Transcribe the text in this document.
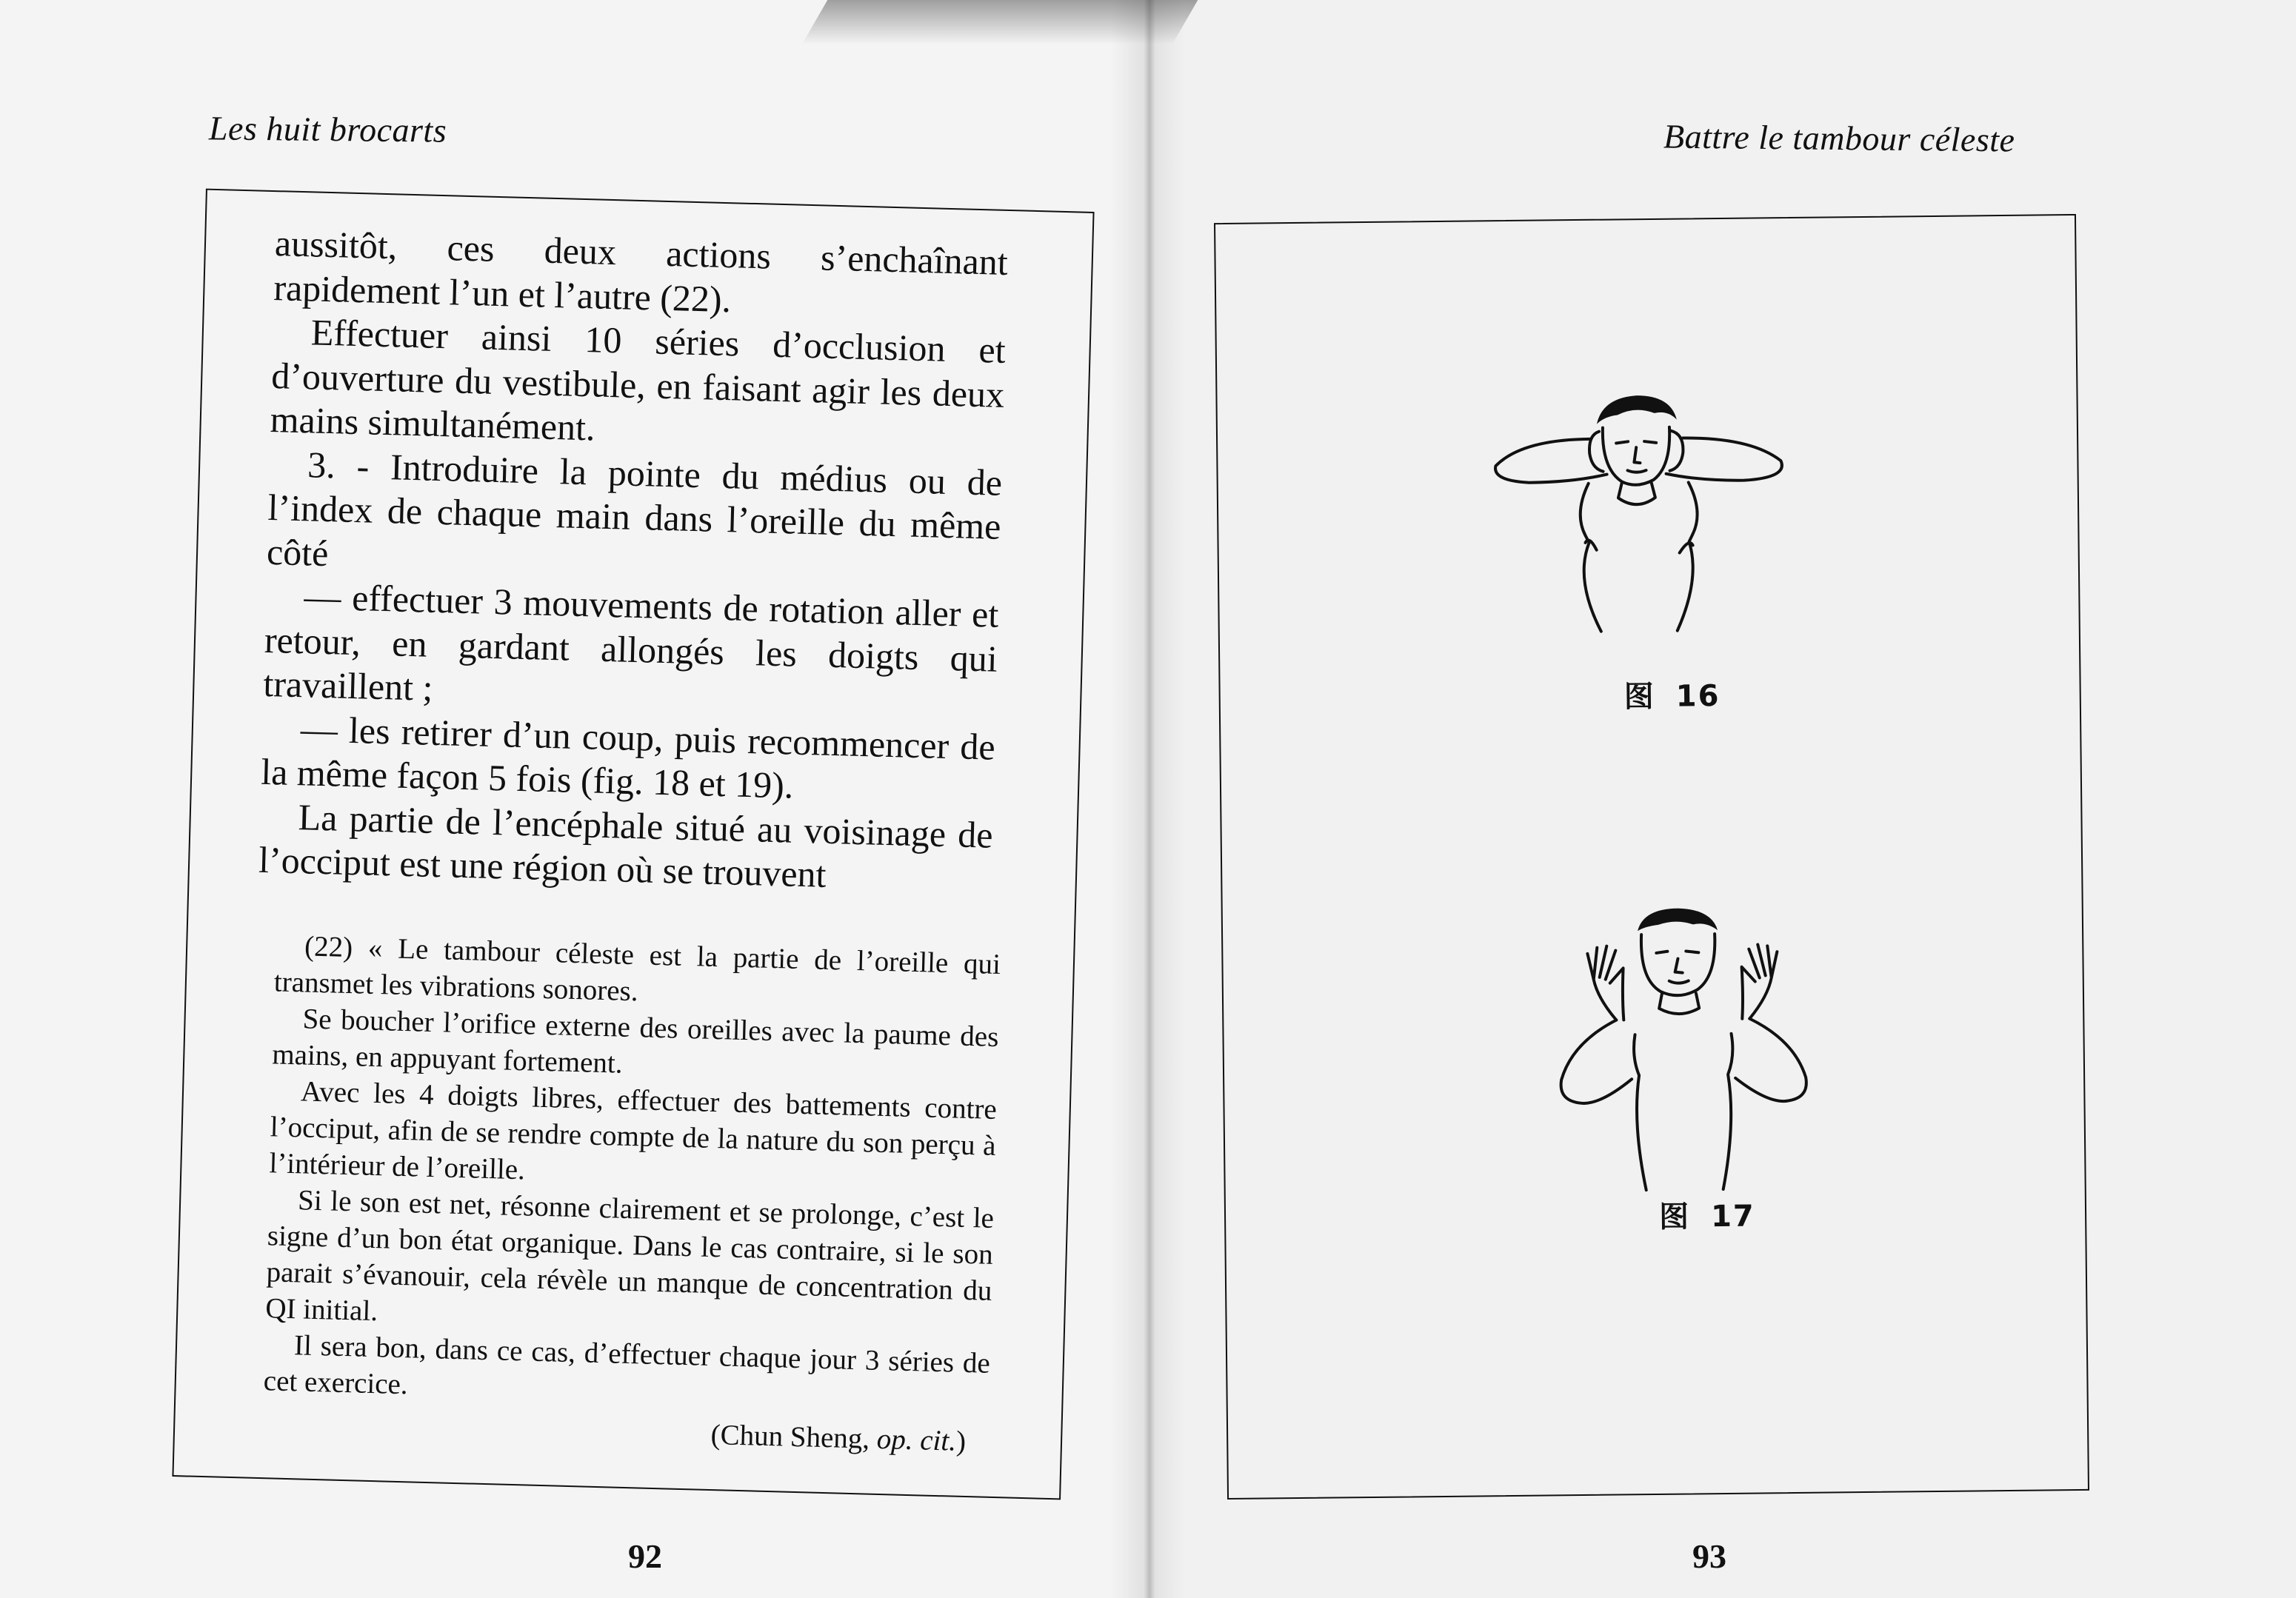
Les huit brocarts

aussitôt, ces deux actions s’enchaînant rapidement l’un et l’autre (22).

Effectuer ainsi 10 séries d’occlusion et d’ouverture du vestibule, en faisant agir les deux mains simultanément.

3. - Introduire la pointe du médius ou de l’index de chaque main dans l’oreille du même côté

— effectuer 3 mouvements de rotation aller et retour, en gardant allongés les doigts qui travaillent ;

— les retirer d’un coup, puis recommencer de la même façon 5 fois (fig. 18 et 19).

La partie de l’encéphale situé au voisinage de l’occiput est une région où se trouvent

(22) « Le tambour céleste est la partie de l’oreille qui transmet les vibrations sonores.

Se boucher l’orifice externe des oreilles avec la paume des mains, en appuyant fortement.

Avec les 4 doigts libres, effectuer des battements contre l’occiput, afin de se rendre compte de la nature du son perçu à l’intérieur de l’oreille.

Si le son est net, résonne clairement et se prolonge, c’est le signe d’un bon état organique. Dans le cas contraire, si le son parait s’évanouir, cela révèle un manque de concentration du QI initial.

Il sera bon, dans ce cas, d’effectuer chaque jour 3 séries de cet exercice.

(Chun Sheng, op. cit.)

92
Battre le tambour céleste
图 16
图 17
93
